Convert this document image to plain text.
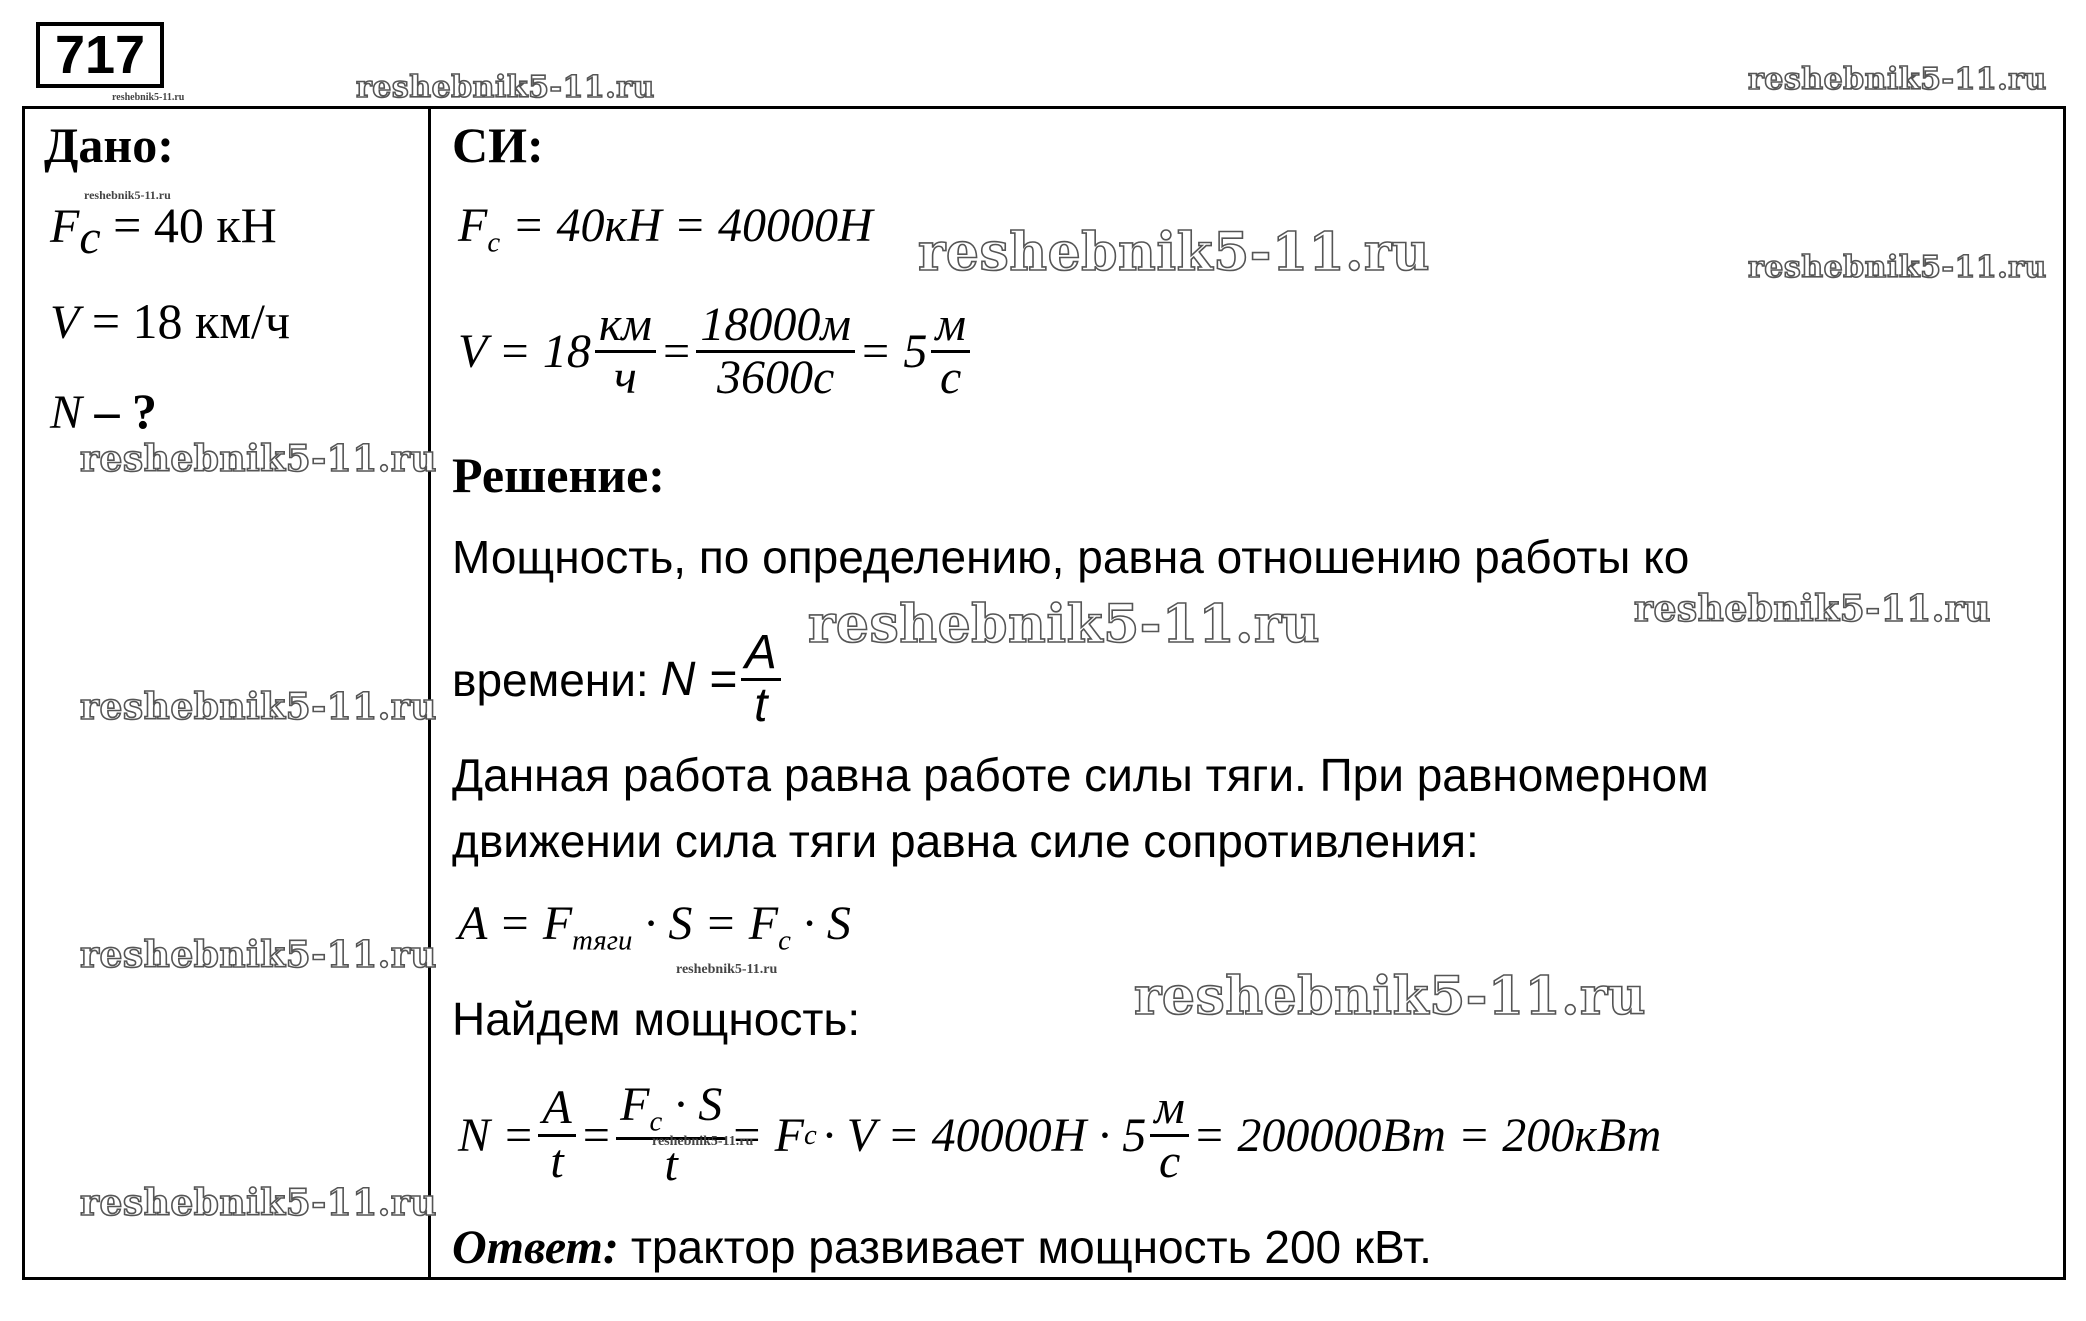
717
Дано:
$F_c = 40$ кН
V = 18 км/ч
N – ?
СИ:
$F_c = 40кН = 40000Н$
$V = 18 \frac{км}{ч} = \frac{18000м}{3600с} = 5 \frac{м}{с}$
Решение:
Мощность, по определению, равна отношению работы ко
времени: $N = \frac{A}{t}$
Данная работа равна работе силы тяги. При равномерном
движении сила тяги равна силе сопротивления:
$A = F_{тяги} \cdot S = F_c \cdot S$
Найдем мощность:
$N = \frac{A}{t} = \frac{F_c \cdot S}{t} = F$ $c \cdot V = 40000Н \cdot 5 \frac{м}{с} = 200000Вт = 200кВт$
Ответ: трактор развивает мощность 200 кВт.
reshebnik5-11.ru	reshebnik5-11.ru
reshebnik5-11.ru
reshebnik5-11.ru
reshebnik5-11.ru	reshebnik5-11.ru
reshebnik5-11.ru
reshebnik5-11.ru	reshebnik5-11.ru
reshebnik5-11.ru
reshebnik5-11.ru	reshebnik5-11.ru
reshebnik5-11.ru
reshebnik5-11.ru
reshebnik5-11.ru
